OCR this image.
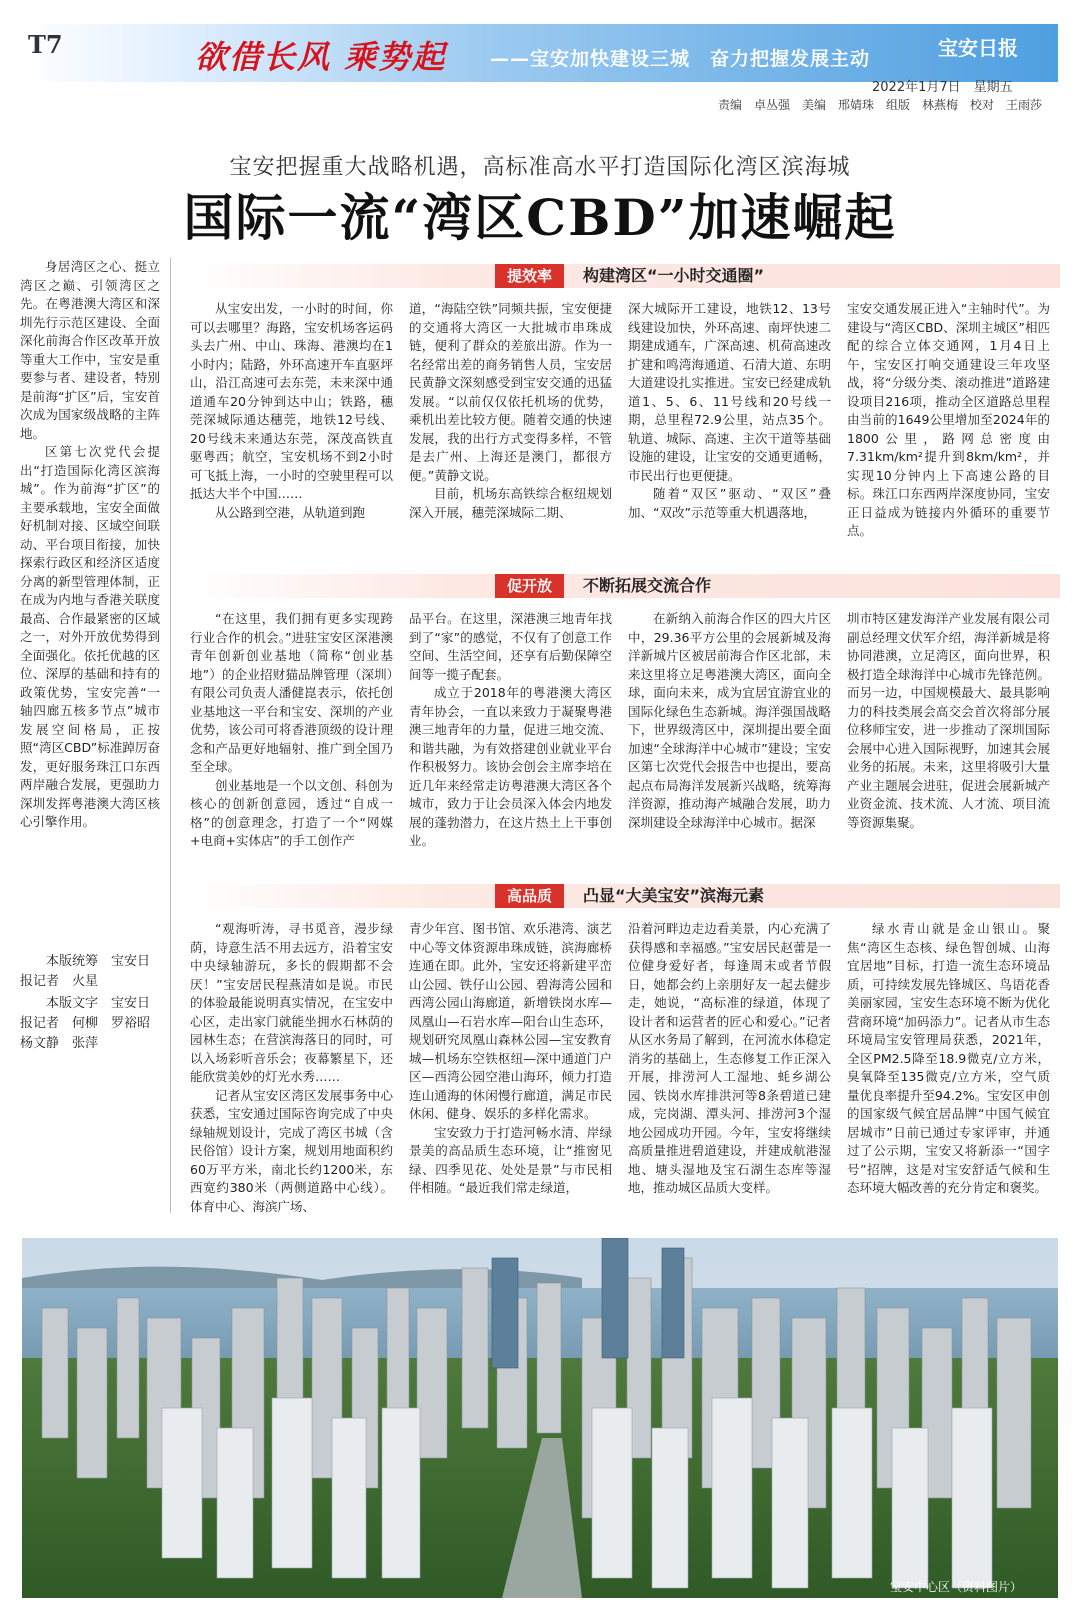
T7	欲借长风 乘势起 ——宝安加快建设三城　奋力把握发展主动	宝安日报
2022年1月7日　星期五
责编　卓丛强　美编　邢婧珠　组版　林燕梅　校对　王雨莎
宝安把握重大战略机遇，高标准高水平打造国际化湾区滨海城
国际一流“湾区CBD”加速崛起

身居湾区之心、挺立湾区之巅、引领湾区之先。在粤港澳大湾区和深圳先行示范区建设、全面深化前海合作区改革开放等重大工作中，宝安是重要参与者、建设者，特别是前海“扩区”后，宝安首次成为国家级战略的主阵地。

区第七次党代会提出“打造国际化湾区滨海城”。作为前海“扩区”的主要承载地，宝安全面做好机制对接、区域空间联动、平台项目衔接，加快探索行政区和经济区适度分离的新型管理体制，正在成为内地与香港关联度最高、合作最紧密的区域之一，对外开放优势得到全面强化。依托优越的区位、深厚的基础和持有的政策优势，宝安完善“一轴四廊五核多节点”城市发展空间格局，正按照“湾区CBD”标准踔厉奋发，更好服务珠江口东西两岸融合发展，更强助力深圳发挥粤港澳大湾区核心引擎作用。

本版统筹　宝安日报记者　火星

本版文字　宝安日报记者　何柳　罗裕昭　杨文静　张萍

提效率	构建湾区“一小时交通圈”

从宝安出发，一小时的时间，你可以去哪里？海路，宝安机场客运码头去广州、中山、珠海、港澳均在1小时内；陆路，外环高速开车直驱坪山，沿江高速可去东莞，未来深中通道通车20分钟到达中山；铁路，穗莞深城际通达穗莞，地铁12号线、20号线未来通达东莞，深茂高铁直驱粤西；航空，宝安机场不到2小时可飞抵上海，一小时的空驶里程可以抵达大半个中国……

从公路到空港，从轨道到跑

道，“海陆空铁”同频共振，宝安便捷的交通将大湾区一大批城市串珠成链，便利了群众的差旅出游。作为一名经常出差的商务销售人员，宝安居民黄静文深刻感受到宝安交通的迅猛发展。“以前仅仅依托机场的优势，乘机出差比较方便。随着交通的快速发展，我的出行方式变得多样，不管是去广州、上海还是澳门，都很方便。”黄静文说。

目前，机场东高铁综合枢纽规划深入开展，穗莞深城际二期、

深大城际开工建设，地铁12、13号线建设加快，外环高速、南坪快速二期建成通车，广深高速、机荷高速改扩建和鸣湾海通道、石清大道、东明大道建设扎实推进。宝安已经建成轨道1、5、6、11号线和20号线一期，总里程72.9公里，站点35个。轨道、城际、高速、主次干道等基础设施的建设，让宝安的交通更通畅，市民出行也更便捷。

随着“双区”驱动、“双区”叠加、“双改”示范等重大机遇落地，

宝安交通发展正进入“主轴时代”。为建设与“湾区CBD、深圳主城区”相匹配的综合立体交通网，1月4日上午，宝安区打响交通建设三年攻坚战，将“分级分类、滚动推进”道路建设项目216项，推动全区道路总里程由当前的1649公里增加至2024年的1800公里，路网总密度由7.31km/km²提升到8km/km²，并实现10分钟内上下高速公路的目标。珠江口东西两岸深度协同，宝安正日益成为链接内外循环的重要节点。

促开放	不断拓展交流合作

“在这里，我们拥有更多实现跨行业合作的机会。”进驻宝安区深港澳青年创新创业基地（简称“创业基地”）的企业招财猫品牌管理（深圳）有限公司负责人潘健崑表示，依托创业基地这一平台和宝安、深圳的产业优势，该公司可将香港顶级的设计理念和产品更好地辐射、推广到全国乃至全球。

创业基地是一个以文创、科创为核心的创新创意园，透过“自成一格”的创意理念，打造了一个“网媒+电商+实体店”的手工创作产

品平台。在这里，深港澳三地青年找到了“家”的感觉，不仅有了创意工作空间、生活空间，还享有后勤保障空间等一揽子配套。

成立于2018年的粤港澳大湾区青年协会，一直以来致力于凝聚粤港澳三地青年的力量，促进三地交流、和谐共融，为有效搭建创业就业平台作积极努力。该协会创会主席李培在近几年来经常走访粤港澳大湾区各个城市，致力于让会员深入体会内地发展的蓬勃潜力，在这片热土上干事创业。

在新纳入前海合作区的四大片区中，29.36平方公里的会展新城及海洋新城片区被居前海合作区北部，未来这里将立足粤港澳大湾区，面向全球，面向未来，成为宜居宜游宜业的国际化绿色生态新城。海洋强国战略下，世界级湾区中，深圳提出要全面加速“全球海洋中心城市”建设；宝安区第七次党代会报告中也提出，要高起点布局海洋发展新兴战略，统筹海洋资源，推动海产城融合发展，助力深圳建设全球海洋中心城市。据深

圳市特区建发海洋产业发展有限公司副总经理文伏军介绍，海洋新城是将协同港澳，立足湾区，面向世界，积极打造全球海洋中心城市先锋范例。而另一边，中国规模最大、最具影响力的科技类展会高交会首次将部分展位移师宝安，进一步推动了深圳国际会展中心进入国际视野，加速其会展业务的拓展。未来，这里将吸引大量产业主题展会进驻，促进会展新城产业资金流、技术流、人才流、项目流等资源集聚。

高品质	凸显“大美宝安”滨海元素

“观海听涛，寻书觅音，漫步绿荫，诗意生活不用去远方，沿着宝安中央绿轴游玩，多长的假期都不会厌！”宝安居民程燕清如是说。市民的体验最能说明真实情况，在宝安中心区，走出家门就能坐拥水石林荫的园林生态；在营滨海落日的同时，可以入场彩听音乐会；夜幕繁星下，还能欣赏美妙的灯光水秀……

记者从宝安区湾区发展事务中心获悉，宝安通过国际咨询完成了中央绿轴规划设计，完成了湾区书城（含民俗馆）设计方案，规划用地面积约60万平方米，南北长约1200米，东西宽约380米（两侧道路中心线）。体育中心、海滨广场、

青少年宫、图书馆、欢乐港湾、演艺中心等文体资源串珠成链，滨海廊桥连通在即。此外，宝安还将新建平峦山公园、铁仔山公园、碧海湾公园和西湾公园山海廊道，新增铁岗水库—凤凰山—石岩水库—阳台山生态环，规划研究凤凰山森林公园—宝安教育城—机场东空铁枢纽—深中通道门户区—西湾公园空港山海环，倾力打造连山通海的休闲慢行廊道，满足市民休闲、健身、娱乐的多样化需求。

宝安致力于打造河畅水清、岸绿景美的高品质生态环境，让“推窗见绿、四季见花、处处是景”与市民相伴相随。“最近我们常走绿道，

沿着河畔边走边看美景，内心充满了获得感和幸福感。”宝安居民赵蕾是一位健身爱好者，每逢周末或者节假日，她都会约上亲朋好友一起去健步走，她说，“高标准的绿道，体现了设计者和运营者的匠心和爱心。”记者从区水务局了解到，在河流水体稳定消劣的基础上，生态修复工作正深入开展，排涝河人工湿地、蚝乡湖公园、铁岗水库排洪河等8条碧道已建成，完岗湖、潭头河、排涝河3个湿地公园成功开园。今年，宝安将继续高质量推进碧道建设，并建成航港湿地、塘头湿地及宝石湖生态库等湿地，推动城区品质大变样。

绿水青山就是金山银山。聚焦“湾区生态核、绿色智创城、山海宜居地”目标，打造一流生态环境品质，可持续发展先锋城区、鸟语花香美丽家园，宝安生态环境不断为优化营商环境“加码添力”。记者从市生态环境局宝安管理局获悉，2021年，全区PM2.5降至18.9微克/立方米，臭氧降至135微克/立方米，空气质量优良率提升至94.2%。宝安区申创的国家级气候宜居品牌“中国气候宜居城市”日前已通过专家评审，并通过了公示期，宝安又将新添一“国字号”招牌，这是对宝安舒适气候和生态环境大幅改善的充分肯定和褒奖。

宝安中心区（资料图片）
